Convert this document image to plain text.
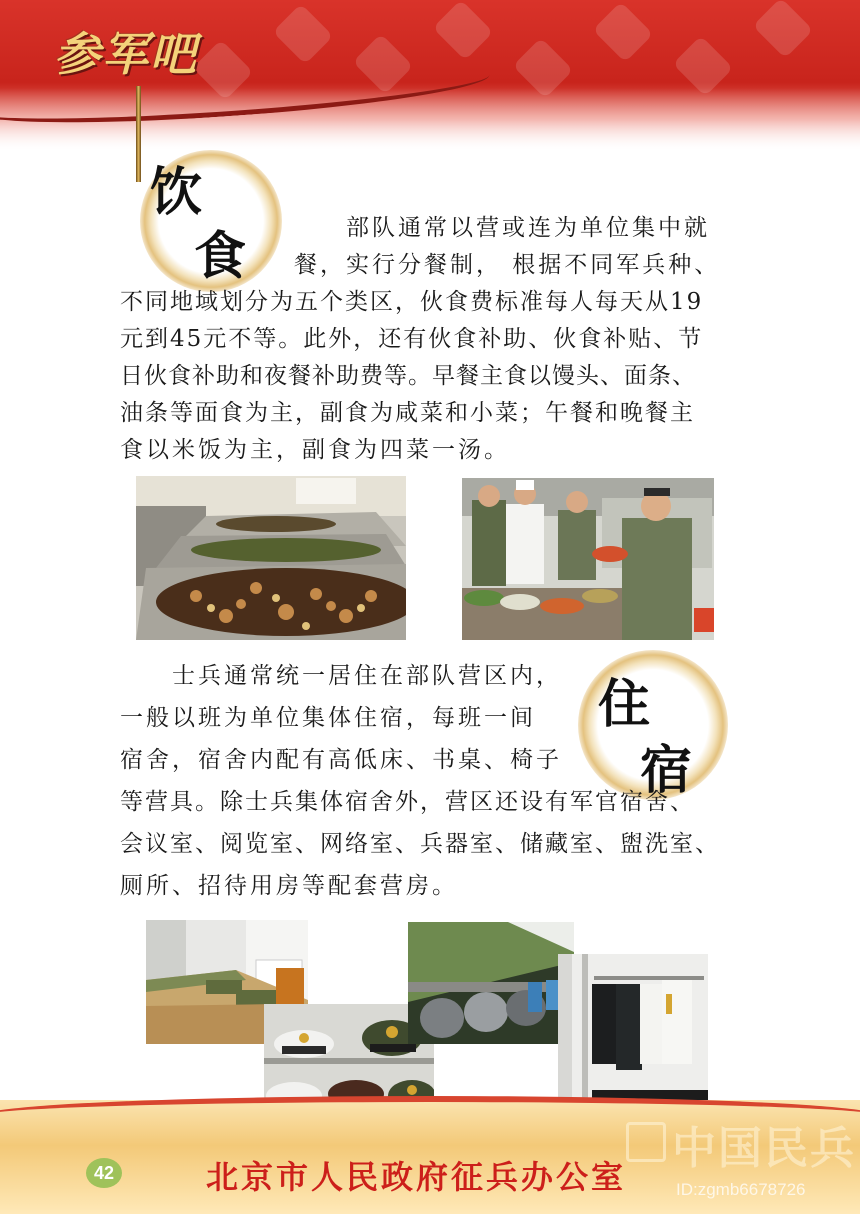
参军吧
饮
食	部队通常以营或连为单位集中就
餐，实行分餐制， 根据不同军兵种、
不同地域划分为五个类区，伙食费标准每人每天从19
元到45元不等。此外，还有伙食补助、伙食补贴、节
日伙食补助和夜餐补助费等。早餐主食以馒头、面条、
油条等面食为主，副食为咸菜和小菜；午餐和晚餐主
食以米饭为主，副食为四菜一汤。
住
宿
士兵通常统一居住在部队营区内，
一般以班为单位集体住宿，每班一间
宿舍，宿舍内配有高低床、书桌、椅子
等营具。除士兵集体宿舍外，营区还设有军官宿舍、
会议室、阅览室、网络室、兵器室、储藏室、盥洗室、
厕所、招待用房等配套营房。
42	北京市人民政府征兵办公室
中国民兵
ID:zgmb6678726
